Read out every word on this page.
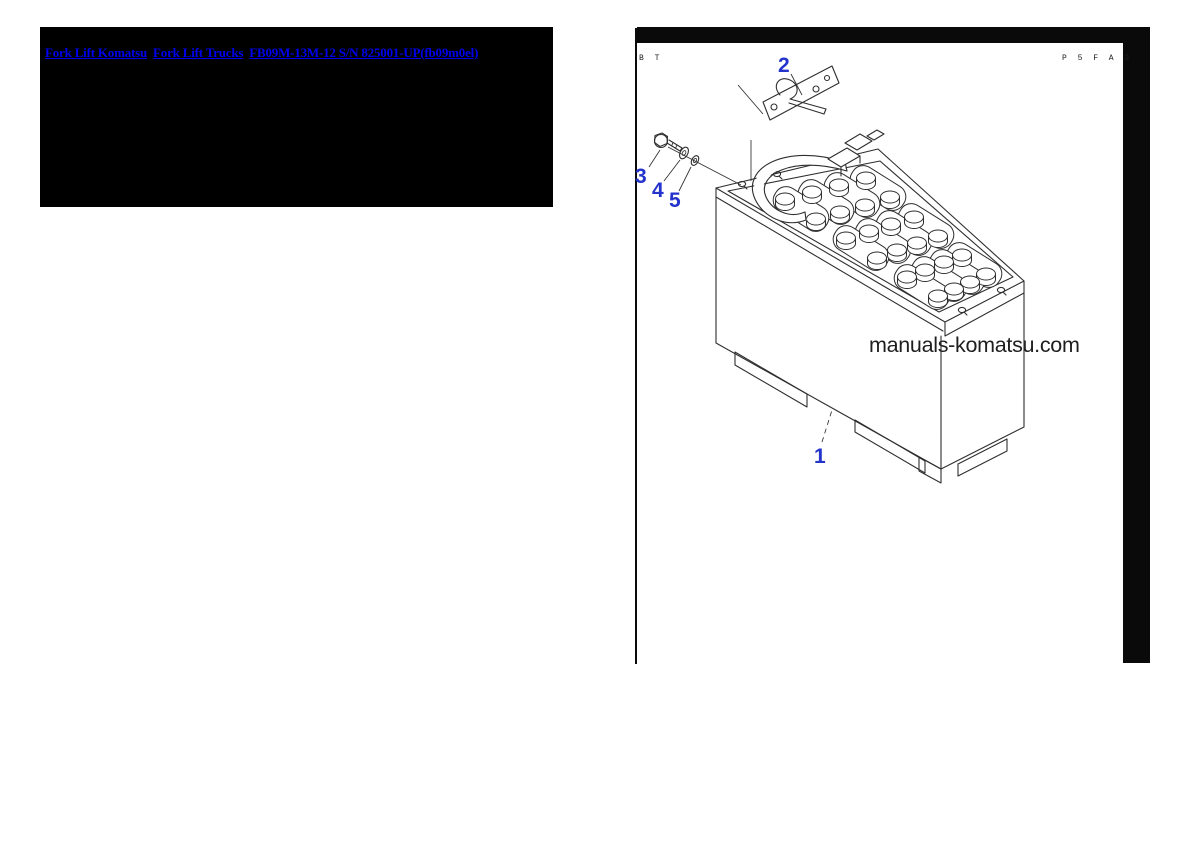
Fork Lift Komatsu Fork Lift Trucks FB09M-13M-12 S/N 825001-UP(fb09m0el)	B T	P 5 F A 3
manuals-komatsu.com
1
2
3
4 5
